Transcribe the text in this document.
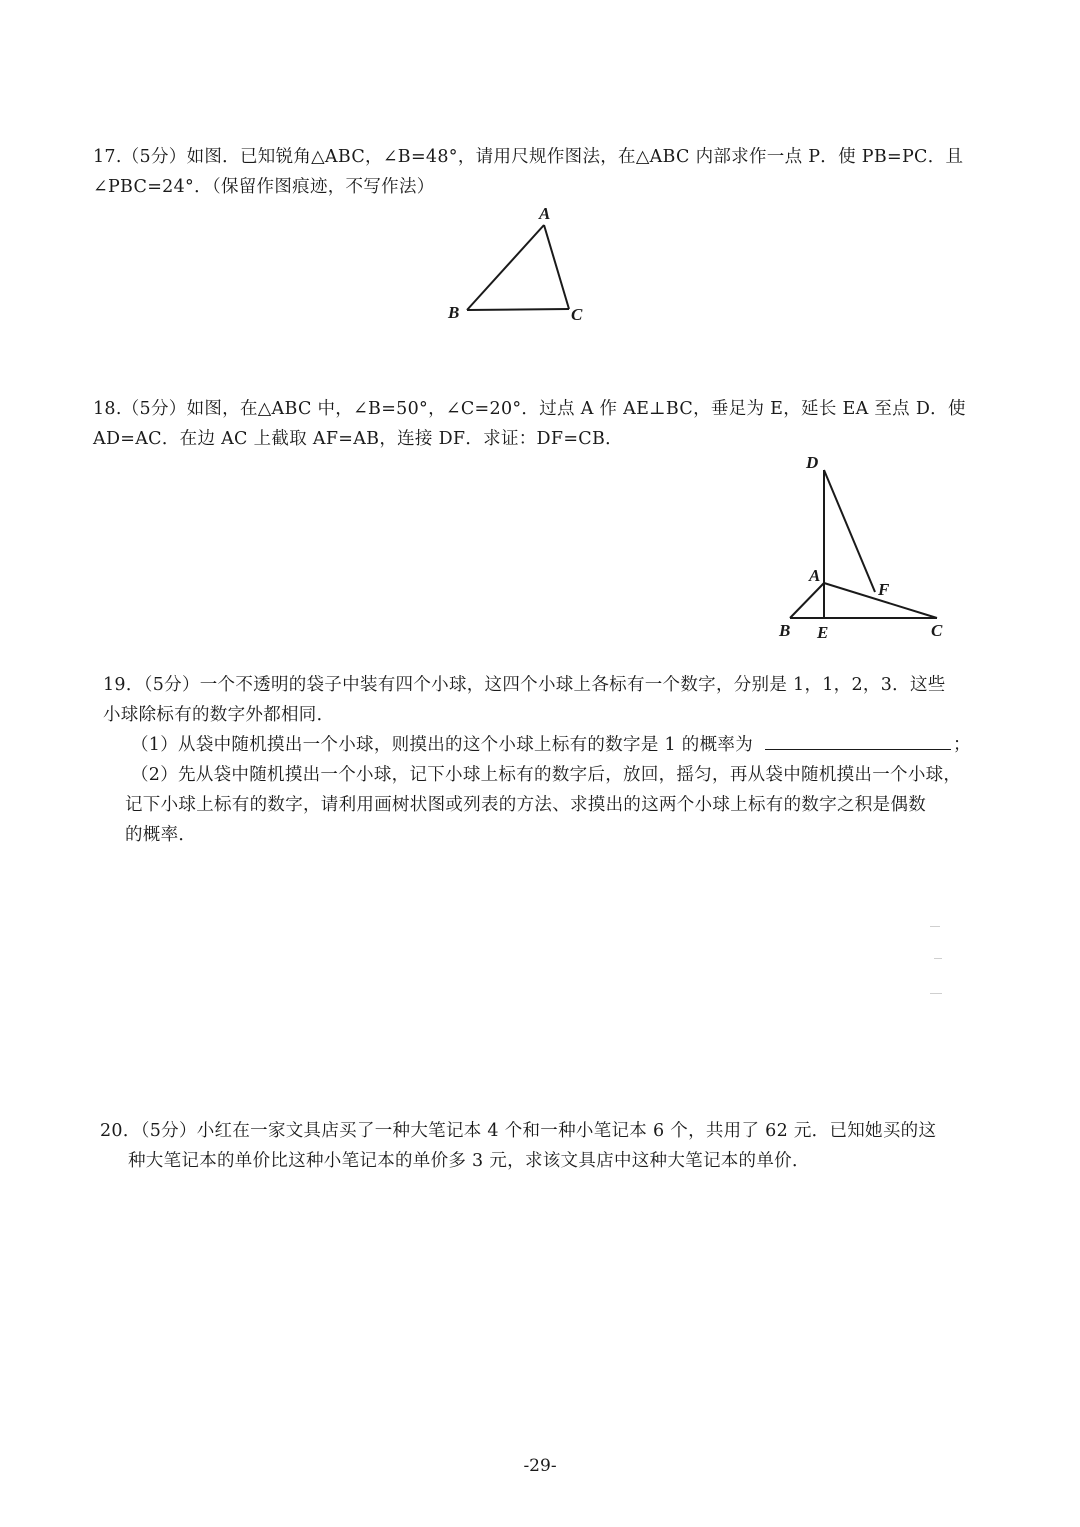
17.（5分）如图．已知锐角△ABC，∠B=48°，请用尺规作图法，在△ABC 内部求作一点 P．使 PB=PC．且

∠PBC=24°．（保留作图痕迹，不写作法）

A
B	C

18.（5分）如图，在△ABC 中，∠B=50°，∠C=20°．过点 A 作 AE⊥BC，垂足为 E，延长 EA 至点 D．使

AD=AC．在边 AC 上截取 AF=AB，连接 DF．求证：DF=CB．

D
A
F
B E	C

19．（5分）一个不透明的袋子中装有四个小球，这四个小球上各标有一个数字，分别是 1，1，2，3．这些

小球除标有的数字外都相同．

（1）从袋中随机摸出一个小球，则摸出的这个小球上标有的数字是 1 的概率为	；

（2）先从袋中随机摸出一个小球，记下小球上标有的数字后，放回，摇匀，再从袋中随机摸出一个小球，

记下小球上标有的数字，请利用画树状图或列表的方法、求摸出的这两个小球上标有的数字之积是偶数

的概率．

20．（5分）小红在一家文具店买了一种大笔记本 4 个和一种小笔记本 6 个，共用了 62 元．已知她买的这

种大笔记本的单价比这种小笔记本的单价多 3 元，求该文具店中这种大笔记本的单价．

-29-
